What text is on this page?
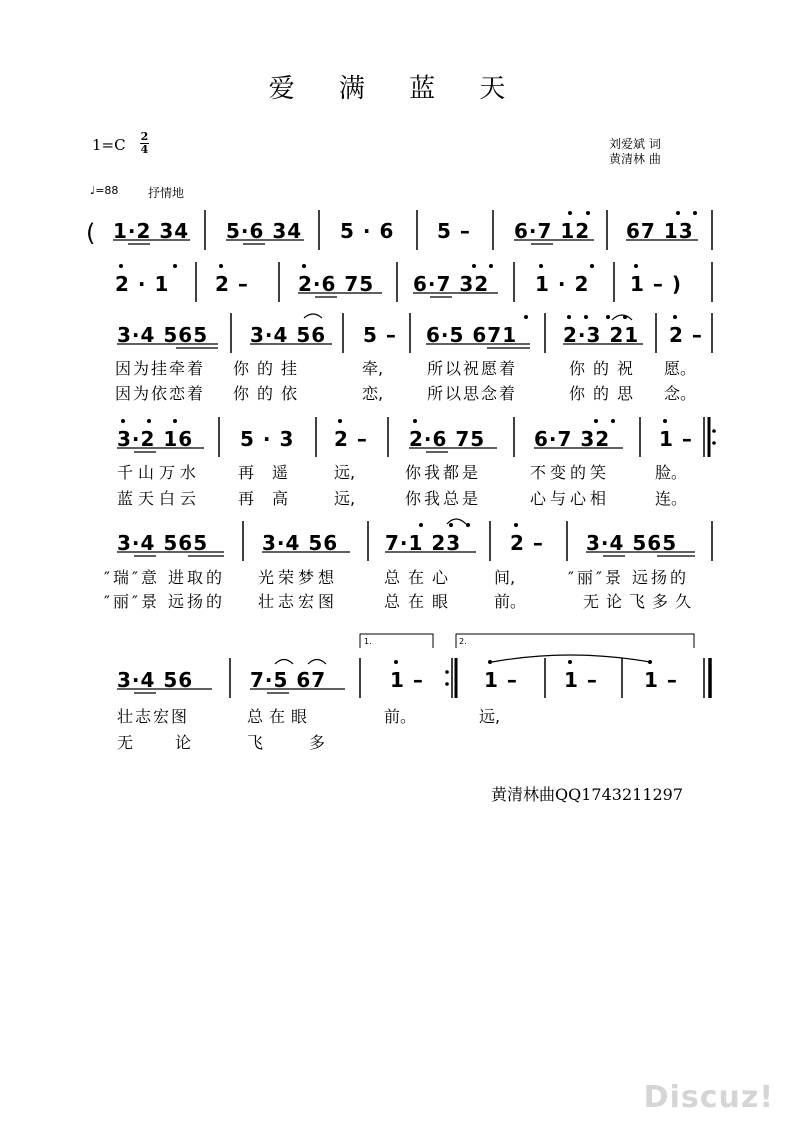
爱 满 蓝 天
1=C 2
4	刘爱斌 词
黄清林 曲
♩=88 抒情地
( 1·2 34 5·6 34 5 · 6 5 – 6·7 12 67 13
2 · 1 2 – 2·6 75 6·7 32 1 · 2 1 – )
3·4 565 3·4 56 5 – 6·5 671 2·3 21 2 –
因为挂牵着 你的挂	牵,	所以祝愿着	你的祝 愿。
因为依恋着 你的依	恋,	所以思念着	你的思 念。
3·2 16 5 · 3 2 – 2·6 75 6·7 32 1 –
千山万水 再遥 远,	你我都是	不变的笑	脸。
蓝天白云 再高 远,	你我总是	心与心相	连。
3·4 565	3·4 56 7·1 23 2 – 3·4 565
″瑞″意 进取的 光荣梦想	总在心 间,	″丽″景 远扬的
″丽″景 远扬的 壮志宏图	总在眼 前。	无论飞多久
1.	2.
3·4 56	7·5 67	1 –	1 – 1 – 1 –
壮志宏图	总在眼	前。	远,
无论 飞多
黄清林曲QQ1743211297
Discuz!
